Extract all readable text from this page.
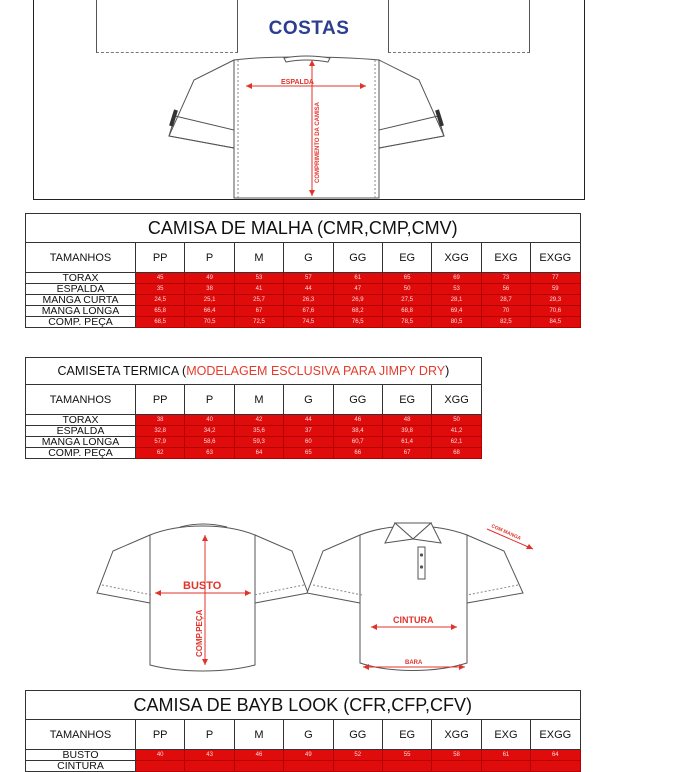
COSTAS
ESPALDA
COMPRIMENTO DA CAMISA
CAMISA DE MALHA (CMR,CMP,CMV)									
TAMANHOS	PP	P	M	G	GG	EG	XGG	EXG	EXGG
TORAX	45	49	53	57	61	65	69	73	77
ESPALDA	35	38	41	44	47	50	53	56	59
MANGA CURTA	24,5	25,1	25,7	26,3	26,9	27,5	28,1	28,7	29,3
MANGA LONGA	65,8	66,4	67	67,6	68,2	68,8	69,4	70	70,6
COMP. PEÇA	68,5	70,5	72,5	74,5	76,5	78,5	80,5	82,5	84,5
CAMISETA TERMICA (MODELAGEM ESCLUSIVA PARA JIMPY DRY)							
TAMANHOS	PP	P	M	G	GG	EG	XGG
TORAX	38	40	42	44	46	48	50
ESPALDA	32,8	34,2	35,6	37	38,4	39,8	41,2
MANGA LONGA	57,9	58,6	59,3	60	60,7	61,4	62,1
COMP. PEÇA	62	63	64	65	66	67	68
BUSTO
COMP.PEÇA	CINTURA
BARA
COM MANGA
CAMISA DE BAYB LOOK (CFR,CFP,CFV)									
TAMANHOS	PP	P	M	G	GG	EG	XGG	EXG	EXGG
BUSTO	40	43	46	49	52	55	58	61	64
CINTURA									
